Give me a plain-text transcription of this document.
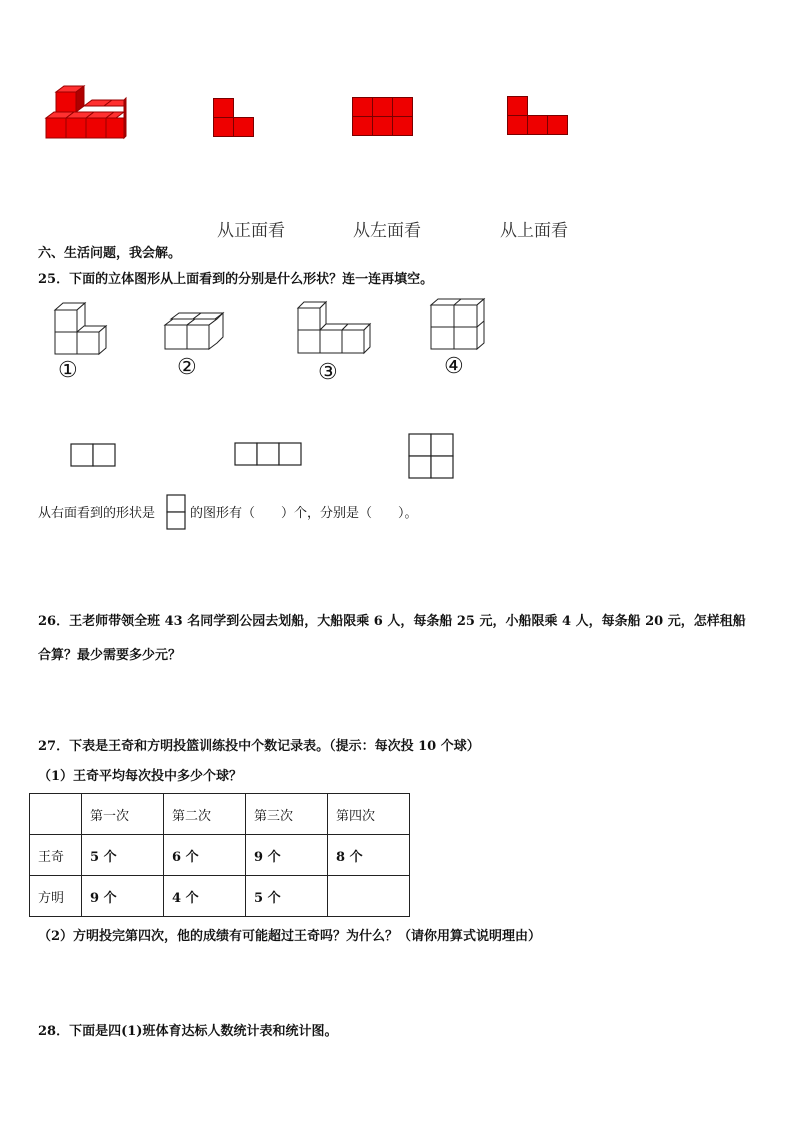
从正面看	从左面看	从上面看
六、生活问题，我会解。
25．下面的立体图形从上面看到的分别是什么形状？连一连再填空。
①	②	③	④
从右面看到的形状是	的图形有（　　）个，分别是（　　）。
26．王老师带领全班 43 名同学到公园去划船，大船限乘 6 人，每条船 25 元，小船限乘 4 人，每条船 20 元，怎样租船
合算？最少需要多少元？
27．下表是王奇和方明投篮训练投中个数记录表。（提示：每次投 10 个球）
（1）王奇平均每次投中多少个球？
	第一次	第二次	第三次	第四次
王奇	5 个	6 个	9 个	8 个
方明	9 个	4 个	5 个	
（2）方明投完第四次，他的成绩有可能超过王奇吗？为什么？（请你用算式说明理由）
28．下面是四(1)班体育达标人数统计表和统计图。
